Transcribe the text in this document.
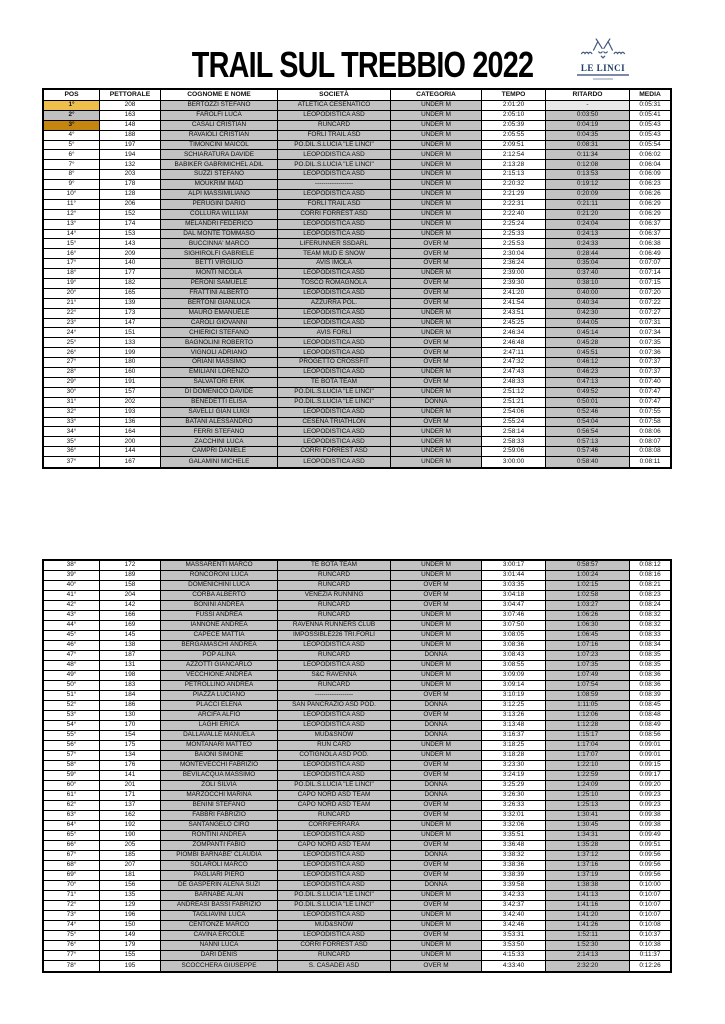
TRAIL SUL TREBBIO 2022	LE LINCI
POS	PETTORALE	COGNOME E NOME	SOCIETÀ	CATEGORIA	TEMPO	RITARDO	MEDIA
1°	208	BERTOZZI STEFANO	ATLETICA CESENATICO	UNDER M	2:01:20	-	0:05:31
2°	163	FAROLFI LUCA	LEOPODISTICA ASD	UNDER M	2:05:10	0:03:50	0:05:41
3°	148	CASALI CRISTIAN	RUNCARD	UNDER M	2:05:39	0:04:19	0:05:43
4°	188	RAVAIOLI CRISTIAN	FORLÌ TRAIL ASD	UNDER M	2:05:55	0:04:35	0:05:43
5°	197	TIMONCINI MAICOL	PO.DIL.S.LUCIA "LE LINCI"	UNDER M	2:09:51	0:08:31	0:05:54
6°	194	SCHIARATURA DAVIDE	LEOPODISTICA ASD	UNDER M	2:12:54	0:11:34	0:06:02
7°	132	BABIKER GABRIMICHEL ADIL	PO.DIL.S.LUCIA "LE LINCI"	UNDER M	2:13:28	0:12:08	0:06:04
8°	203	SUZZI STEFANO	LEOPODISTICA ASD	UNDER M	2:15:13	0:13:53	0:06:09
9°	178	MOUKRIM IMAD	------------------	UNDER M	2:20:32	0:19:12	0:06:23
10°	128	ALPI MASSIMILIANO	LEOPODISTICA ASD	UNDER M	2:21:29	0:20:09	0:06:26
11°	206	PERUGINI DARIO	FORLÌ TRAIL ASD	UNDER M	2:22:31	0:21:11	0:06:29
12°	152	COLLURA WILLIAM	CORRI FORREST ASD	UNDER M	2:22:40	0:21:20	0:06:29
13°	174	MELANDRI FEDERICO	LEOPODISTICA ASD	UNDER M	2:25:24	0:24:04	0:06:37
14°	153	DAL MONTE TOMMASO	LEOPODISTICA ASD	UNDER M	2:25:33	0:24:13	0:06:37
15°	143	BUCCINNA' MARCO	LIFERUNNER SSDARL	OVER M	2:25:53	0:24:33	0:06:38
16°	209	SIGHIROLFI GABRIELE	TEAM MUD E SNOW	OVER M	2:30:04	0:28:44	0:06:49
17°	140	BETTI VIRGILIO	AVIS IMOLA	OVER M	2:36:24	0:35:04	0:07:07
18°	177	MONTI NICOLA	LEOPODISTICA ASD	UNDER M	2:39:00	0:37:40	0:07:14
19°	182	PERONI SAMUELE	TOSCO ROMAGNOLA	OVER M	2:39:30	0:38:10	0:07:15
20°	165	FRATTINI ALBERTO	LEOPODISTICA ASD	OVER M	2:41:20	0:40:00	0:07:20
21°	139	BERTONI GIANLUCA	AZZURRA POL.	OVER M	2:41:54	0:40:34	0:07:22
22°	173	MAURO EMANUELE	LEOPODISTICA ASD	UNDER M	2:43:51	0:42:30	0:07:27
23°	147	CAROLI GIOVANNI	LEOPODISTICA ASD	UNDER M	2:45:25	0:44:05	0:07:31
24°	151	CHIERICI STEFANO	AVIS FORLÌ	UNDER M	2:46:34	0:45:14	0:07:34
25°	133	BAGNOLINI ROBERTO	LEOPODISTICA ASD	OVER M	2:46:48	0:45:28	0:07:35
26°	199	VIGNOLI ADRIANO	LEOPODISTICA ASD	OVER M	2:47:11	0:45:51	0:07:36
27°	180	ORIANI MASSIMO	PROGETTO CROSSFIT	OVER M	2:47:32	0:46:12	0:07:37
28°	160	EMILIANI LORENZO	LEOPODISTICA ASD	UNDER M	2:47:43	0:46:23	0:07:37
29°	191	SALVATORI ERIK	TE BOTA TEAM	OVER M	2:48:33	0:47:13	0:07:40
30°	157	DI DOMENICO DAVIDE	PO.DIL.S.LUCIA "LE LINCI"	UNDER M	2:51:12	0:49:52	0:07:47
31°	202	BENEDETTI ELISA	PO.DIL.S.LUCIA "LE LINCI"	DONNA	2:51:21	0:50:01	0:07:47
32°	193	SAVELLI GIAN LUIGI	LEOPODISTICA ASD	UNDER M	2:54:06	0:52:46	0:07:55
33°	136	BATANI ALESSANDRO	CESENA TRIATHLON	OVER M	2:55:24	0:54:04	0:07:58
34°	164	FERRI STEFANO	LEOPODISTICA ASD	UNDER M	2:58:14	0:56:54	0:08:06
35°	200	ZACCHINI LUCA	LEOPODISTICA ASD	UNDER M	2:58:33	0:57:13	0:08:07
36°	144	CAMPRI DANIELE	CORRI FORREST ASD	UNDER M	2:59:06	0:57:46	0:08:08
37°	167	GALAMINI MICHELE	LEOPODISTICA ASD	UNDER M	3:00:00	0:58:40	0:08:11
38°	172	MASSARENTI MARCO	TÈ BOTA TEAM	UNDER M	3:00:17	0:58:57	0:08:12
39°	189	RONCORONI LUCA	RUNCARD	UNDER M	3:01:44	1:00:24	0:08:16
40°	158	DOMENICHINI LUCA	RUNCARD	OVER M	3:03:35	1:02:15	0:08:21
41°	204	CORBA ALBERTO	VENEZIA RUNNING	OVER M	3:04:18	1:02:58	0:08:23
42°	142	BONINI ANDREA	RUNCARD	OVER M	3:04:47	1:03:27	0:08:24
43°	166	FUSSI ANDREA	RUNCARD	UNDER M	3:07:46	1:06:26	0:08:32
44°	169	IANNONE ANDREA	RAVENNA RUNNERS CLUB	UNDER M	3:07:50	1:06:30	0:08:32
45°	145	CAPECE MATTIA	IMPOSSIBLE226 TRI.FORLÌ	UNDER M	3:08:05	1:06:45	0:08:33
46°	138	BERGAMASCHI ANDREA	LEOPODISTICA ASD	UNDER M	3:08:36	1:07:16	0:08:34
47°	187	POP ALINA	RUNCARD	DONNA	3:08:43	1:07:23	0:08:35
48°	131	AZZOTTI GIANCARLO	LEOPODISTICA ASD	UNDER M	3:08:55	1:07:35	0:08:35
49°	198	VECCHIONE ANDREA	S&C RAVENNA	UNDER M	3:09:09	1:07:49	0:08:36
50°	183	PETROLLINO ANDREA	RUNCARD	UNDER M	3:09:14	1:07:54	0:08:36
51°	184	PIAZZA LUCIANO	------------------	OVER M	3:10:19	1:08:59	0:08:39
52°	186	PLACCI ELENA	SAN PANCRAZIO ASD POD.	DONNA	3:12:25	1:11:05	0:08:45
53°	130	ARCIFA ALFIO	LEOPODISTICA ASD	OVER M	3:13:26	1:12:06	0:08:48
54°	170	LAGHI ERICA	LEOPODISTICA ASD	DONNA	3:13:48	1:12:28	0:08:49
55°	154	DALLAVALLE MANUELA	MUD&SNOW	DONNA	3:16:37	1:15:17	0:08:56
56°	175	MONTANARI MATTEO	RUN CARD	UNDER M	3:18:25	1:17:04	0:09:01
57°	134	BAIONI SIMONE	COTIGNOLA ASD POD.	UNDER M	3:18:28	1:17:07	0:09:01
58°	176	MONTEVECCHI FABRIZIO	LEOPODISTICA ASD	OVER M	3:23:30	1:22:10	0:09:15
59°	141	BEVILACQUA MASSIMO	LEOPODISTICA ASD	OVER M	3:24:19	1:22:59	0:09:17
60°	201	ZOLI SILVIA	PO.DIL.S.LUCIA "LE LINCI"	DONNA	3:25:29	1:24:09	0:09:20
61°	171	MARZOCCHI MARINA	CAPO NORD ASD TEAM	DONNA	3:26:30	1:25:10	0:09:23
62°	137	BENINI STEFANO	CAPO NORD ASD TEAM	OVER M	3:26:33	1:25:13	0:09:23
63°	162	FABBRI FABRIZIO	RUNCARD	OVER M	3:32:01	1:30:41	0:09:38
64°	192	SANTANGELO CIRO	CORRIFERRARA	UNDER M	3:32:06	1:30:45	0:09:38
65°	190	RONTINI ANDREA	LEOPODISTICA ASD	UNDER M	3:35:51	1:34:31	0:09:49
66°	205	ZOMPANTI FABIO	CAPO NORD ASD TEAM	OVER M	3:36:48	1:35:28	0:09:51
67°	185	PIOMBI BARNABE' CLAUDIA	LEOPODISTICA ASD	DONNA	3:38:32	1:37:12	0:09:56
68°	207	SOLAROLI MARCO	LEOPODISTICA ASD	OVER M	3:38:36	1:37:16	0:09:56
69°	181	PAGLIARI PIERO	LEOPODISTICA ASD	OVER M	3:38:39	1:37:19	0:09:56
70°	156	DE GASPERIN ALENA SUZI	LEOPODISTICA ASD	DONNA	3:39:58	1:38:38	0:10:00
71°	135	BARNABÈ ALAN	PO.DIL.S.LUCIA "LE LINCI"	UNDER M	3:42:33	1:41:13	0:10:07
72°	129	ANDREASI BASSI FABRIZIO	PO.DIL.S.LUCIA "LE LINCI"	OVER M	3:42:37	1:41:16	0:10:07
73°	196	TAGLIAVINI LUCA	LEOPODISTICA ASD	UNDER M	3:42:40	1:41:20	0:10:07
74°	150	CENTONZE MARCO	MUD&SNOW	UNDER M	3:42:46	1:41:26	0:10:08
75°	149	CAVINA ERCOLE	LEOPODISTICA ASD	OVER M	3:53:31	1:52:11	0:10:37
76°	179	NANNI LUCA	CORRI FORREST ASD	UNDER M	3:53:50	1:52:30	0:10:38
77°	155	DARI DENIS	RUNCARD	UNDER M	4:15:33	2:14:13	0:11:37
78°	195	SCOCCHERA GIUSEPPE	S. CASADEI ASD	OVER M	4:33:40	2:32:20	0:12:26
